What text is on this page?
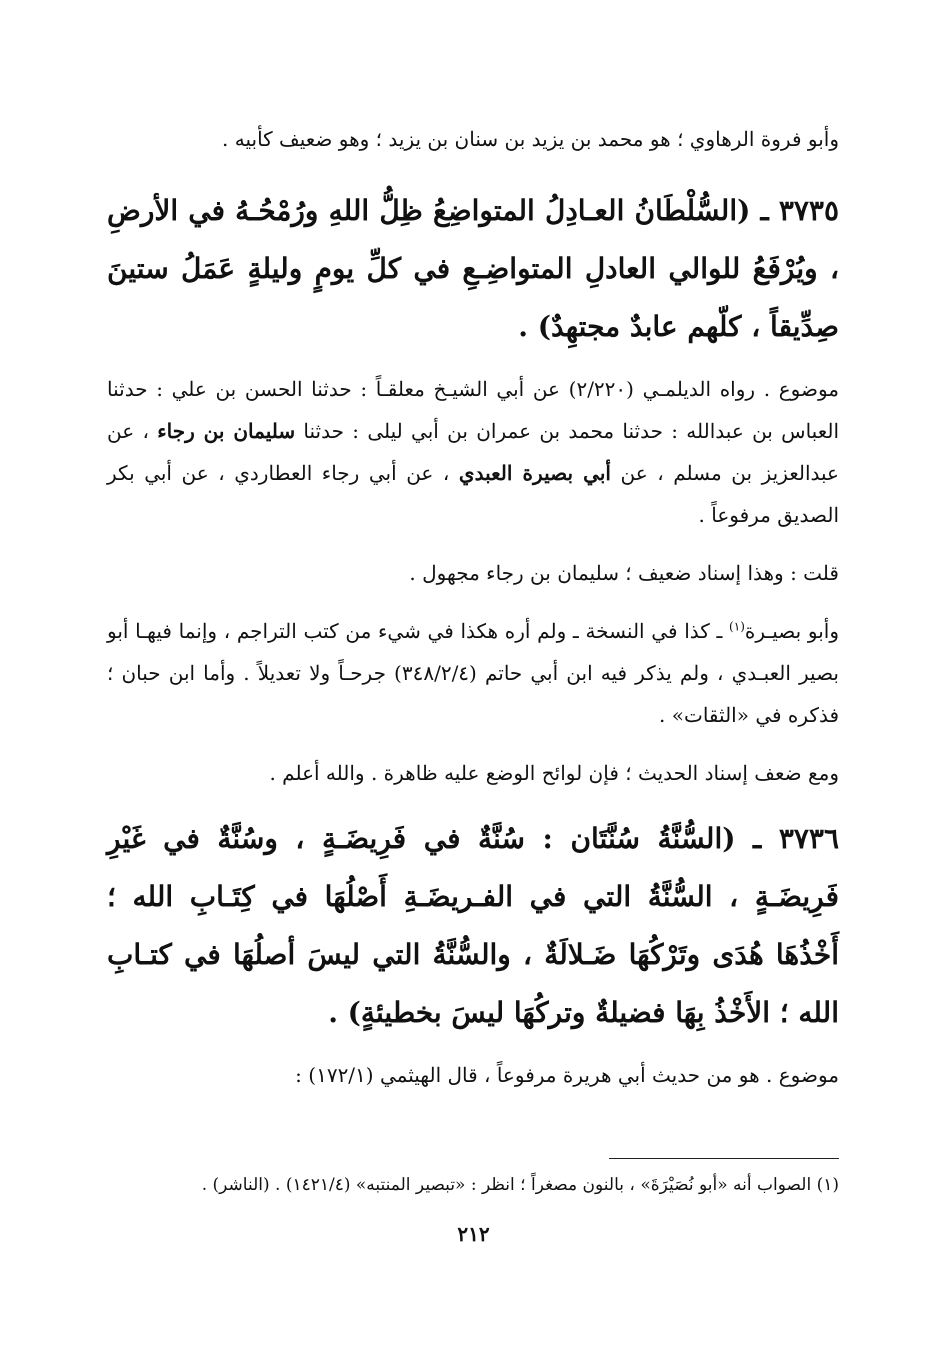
وأبو فروة الرهاوي ؛ هو محمد بن يزيد بن سنان بن يزيد ؛ وهو ضعيف كأبيه .

٣٧٣٥ ـ (السُّلْطَانُ العـادِلُ المتواضِعُ ظِلُّ اللهِ ورُمْحُـهُ في الأرضِ ، ويُرْفَعُ للوالي العادلِ المتواضِـعِ في كلِّ يومٍ وليلةٍ عَمَلُ ستينَ صِدِّيقاً ، كلّهم عابدٌ مجتهِدٌ) .

موضوع . رواه الديلمـي (٢/٢٢٠) عن أبي الشيـخ معلقـاً : حدثنا الحسن بن علي : حدثنا العباس بن عبدالله : حدثنا محمد بن عمران بن أبي ليلى : حدثنا سليمان بن رجاء ، عن عبدالعزيز بن مسلم ، عن أبي بصيرة العبدي ، عن أبي رجاء العطاردي ، عن أبي بكر الصديق مرفوعاً .

قلت : وهذا إسناد ضعيف ؛ سليمان بن رجاء مجهول .

وأبو بصيـرة$^{(١)}$ ـ كذا في النسخة ـ ولم أره هكذا في شيء من كتب التراجم ، وإنما فيهـا أبو بصير العبـدي ، ولم يذكر فيه ابن أبي حاتم (٣٤٨/٢/٤) جرحـاً ولا تعديلاً . وأما ابن حبان ؛ فذكره في «الثقات» .

ومع ضعف إسناد الحديث ؛ فإن لوائح الوضع عليه ظاهرة . والله أعلم .

٣٧٣٦ ـ (السُّنَّةُ سُنَّتَان : سُنَّةٌ في فَرِيضَـةٍ ، وسُنَّةٌ في غَيْرِ فَرِيضَـةٍ ، السُّنَّةُ التي في الفـريضَـةِ أَصْلُهَا في كِتَـابِ الله ؛ أَخْذُهَا هُدَى وتَرْكُهَا ضَـلالَةٌ ، والسُّنَّةُ التي ليسَ أصلُهَا في كتـابِ الله ؛ الأَخْذُ بِهَا فضيلةٌ وتركُهَا ليسَ بخطيئةٍ) .

موضوع . هو من حديث أبي هريرة مرفوعاً ، قال الهيثمي (١٧٢/١) :

(١) الصواب أنه «أبو نُصَيْرَةَ» ، بالنون مصغراً ؛ انظر : «تبصير المنتبه» (١٤٢١/٤) . (الناشر) .
٢١٢
